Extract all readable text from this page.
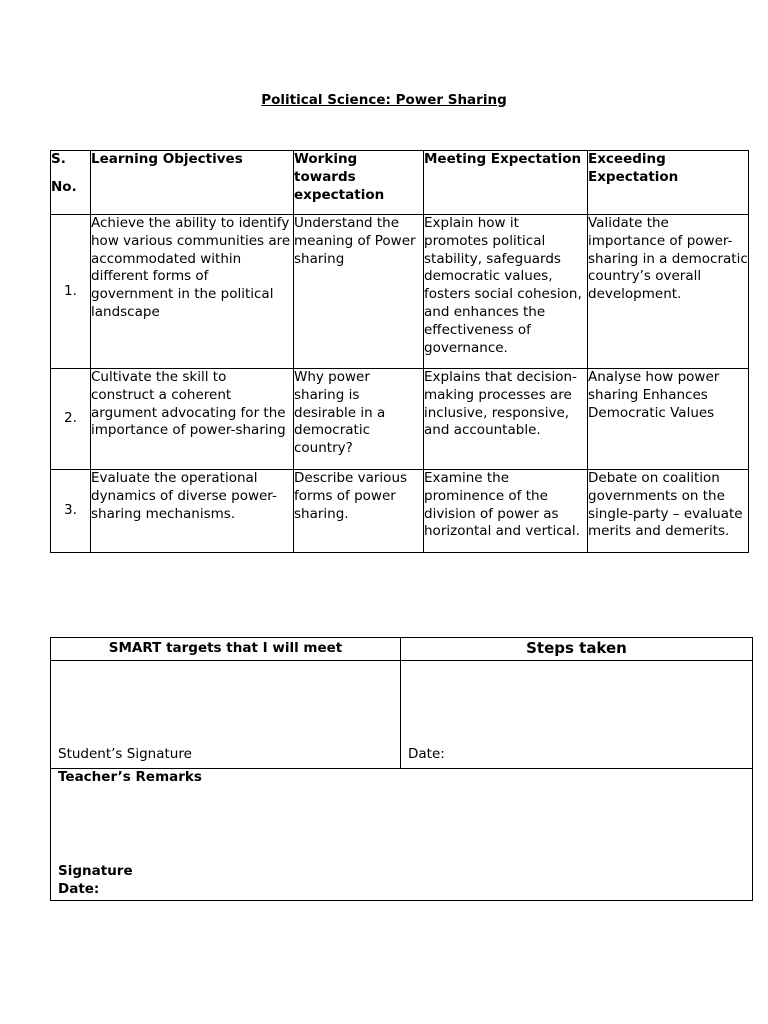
Political Science: Power Sharing
S.
No.	Learning Objectives	Working towards expectation	Meeting Expectation	Exceeding Expectation
1.	Achieve the ability to identify how various communities are accommodated within different forms of government in the political landscape	Understand the meaning of Power sharing	Explain how it promotes political stability, safeguards democratic values, fosters social cohesion, and enhances the effectiveness of governance.	Validate the importance of power-sharing in a democratic country’s overall development.
2.	Cultivate the skill to construct a coherent argument advocating for the importance of power-sharing	Why power sharing is desirable in a democratic country?	Explains that decision-making processes are inclusive, responsive, and accountable.	Analyse how power sharing Enhances Democratic Values
3.	Evaluate the operational dynamics of diverse power-sharing mechanisms.	Describe various forms of power sharing.	Examine the prominence of the division of power as horizontal and vertical.	Debate on coalition governments on the single-party – evaluate merits and demerits.
SMART targets that I will meet	Steps taken
Student’s Signature	Date:

Teacher’s Remarks
Signature
Date:	
